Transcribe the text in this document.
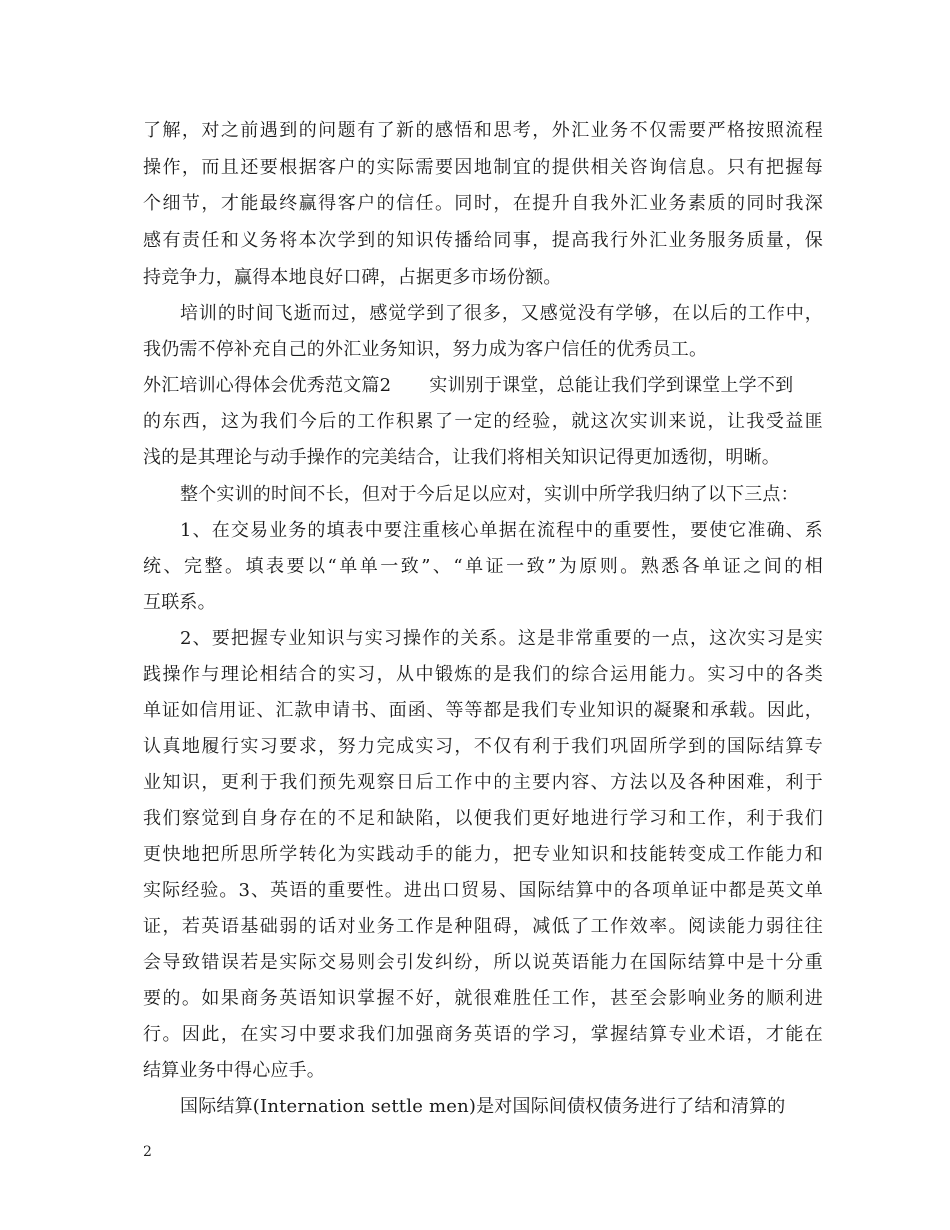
了解，对之前遇到的问题有了新的感悟和思考，外汇业务不仅需要严格按照流程
操作，而且还要根据客户的实际需要因地制宜的提供相关咨询信息。只有把握每
个细节，才能最终赢得客户的信任。同时，在提升自我外汇业务素质的同时我深
感有责任和义务将本次学到的知识传播给同事，提高我行外汇业务服务质量，保
持竞争力，赢得本地良好口碑，占据更多市场份额。
培训的时间飞逝而过，感觉学到了很多，又感觉没有学够，在以后的工作中，
我仍需不停补充自己的外汇业务知识，努力成为客户信任的优秀员工。
外汇培训心得体会优秀范文篇2 实训别于课堂，总能让我们学到课堂上学不到
的东西，这为我们今后的工作积累了一定的经验，就这次实训来说，让我受益匪
浅的是其理论与动手操作的完美结合，让我们将相关知识记得更加透彻，明晰。
整个实训的时间不长，但对于今后足以应对，实训中所学我归纳了以下三点：
1、在交易业务的填表中要注重核心单据在流程中的重要性，要使它准确、系
统、完整。填表要以“单单一致”、“单证一致”为原则。熟悉各单证之间的相
互联系。
2、要把握专业知识与实习操作的关系。这是非常重要的一点，这次实习是实
践操作与理论相结合的实习，从中锻炼的是我们的综合运用能力。实习中的各类
单证如信用证、汇款申请书、面函、等等都是我们专业知识的凝聚和承载。因此，
认真地履行实习要求，努力完成实习，不仅有利于我们巩固所学到的国际结算专
业知识，更利于我们预先观察日后工作中的主要内容、方法以及各种困难，利于
我们察觉到自身存在的不足和缺陷，以便我们更好地进行学习和工作，利于我们
更快地把所思所学转化为实践动手的能力，把专业知识和技能转变成工作能力和
实际经验。3、英语的重要性。进出口贸易、国际结算中的各项单证中都是英文单
证，若英语基础弱的话对业务工作是种阻碍，减低了工作效率。阅读能力弱往往
会导致错误若是实际交易则会引发纠纷，所以说英语能力在国际结算中是十分重
要的。如果商务英语知识掌握不好，就很难胜任工作，甚至会影响业务的顺利进
行。因此，在实习中要求我们加强商务英语的学习，掌握结算专业术语，才能在
结算业务中得心应手。
国际结算(Internation settle men)是对国际间债权债务进行了结和清算的
2
